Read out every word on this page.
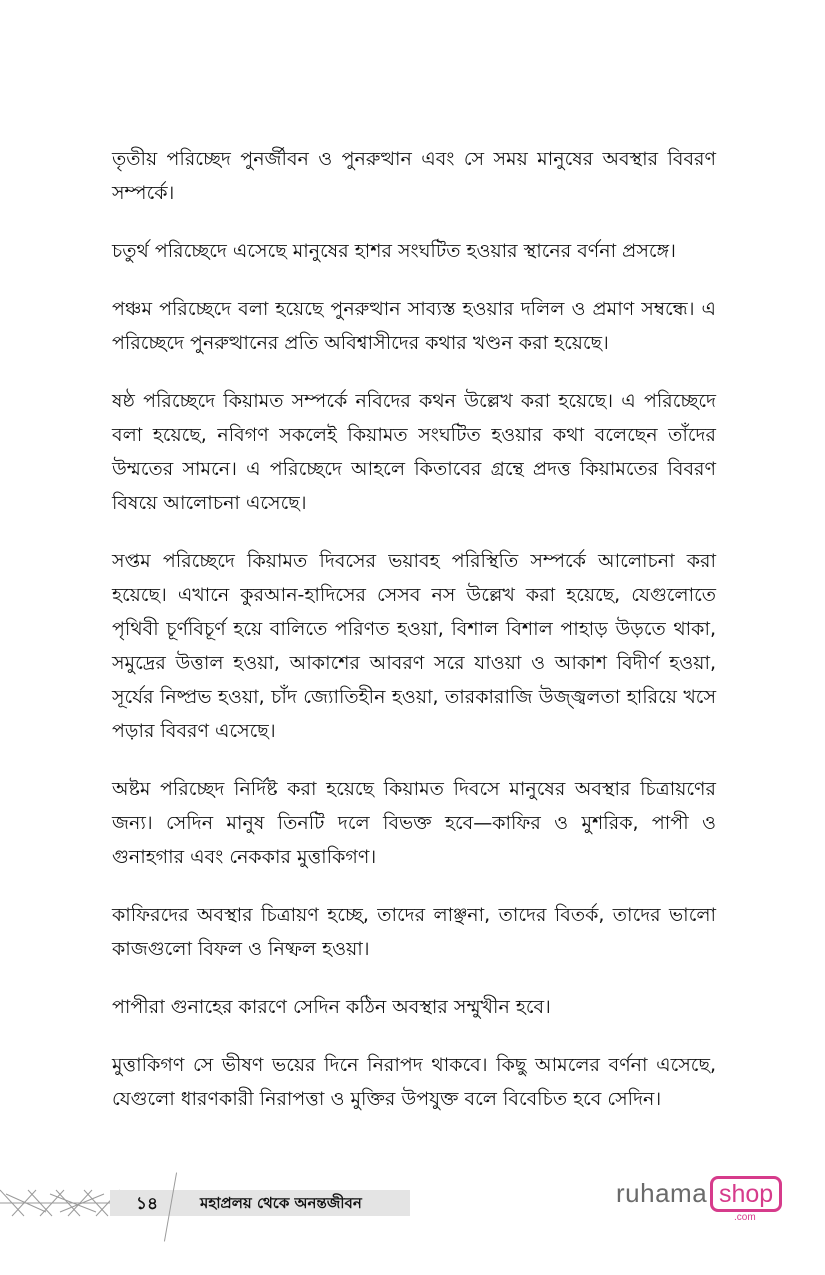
তৃতীয় পরিচ্ছেদ পুনর্জীবন ও পুনরুত্থান এবং সে সময় মানুষের অবস্থার বিবরণ সম্পর্কে।

চতুর্থ পরিচ্ছেদে এসেছে মানুষের হাশর সংঘটিত হওয়ার স্থানের বর্ণনা প্রসঙ্গে।

পঞ্চম পরিচ্ছেদে বলা হয়েছে পুনরুত্থান সাব্যস্ত হওয়ার দলিল ও প্রমাণ সম্বন্ধে। এ পরিচ্ছেদে পুনরুত্থানের প্রতি অবিশ্বাসীদের কথার খণ্ডন করা হয়েছে।

ষষ্ঠ পরিচ্ছেদে কিয়ামত সম্পর্কে নবিদের কথন উল্লেখ করা হয়েছে। এ পরিচ্ছেদে বলা হয়েছে, নবিগণ সকলেই কিয়ামত সংঘটিত হওয়ার কথা বলেছেন তাঁদের উম্মতের সামনে। এ পরিচ্ছেদে আহলে কিতাবের গ্রন্থে প্রদত্ত কিয়ামতের বিবরণ বিষয়ে আলোচনা এসেছে।

সপ্তম পরিচ্ছেদে কিয়ামত দিবসের ভয়াবহ পরিস্থিতি সম্পর্কে আলোচনা করা হয়েছে। এখানে কুরআন-হাদিসের সেসব নস উল্লেখ করা হয়েছে, যেগুলোতে পৃথিবী চূর্ণবিচূর্ণ হয়ে বালিতে পরিণত হওয়া, বিশাল বিশাল পাহাড় উড়তে থাকা, সমুদ্রের উত্তাল হওয়া, আকাশের আবরণ সরে যাওয়া ও আকাশ বিদীর্ণ হওয়া, সূর্যের নিষ্প্রভ হওয়া, চাঁদ জ্যোতিহীন হওয়া, তারকারাজি উজ্জ্বলতা হারিয়ে খসে পড়ার বিবরণ এসেছে।

অষ্টম পরিচ্ছেদ নির্দিষ্ট করা হয়েছে কিয়ামত দিবসে মানুষের অবস্থার চিত্রায়ণের জন্য। সেদিন মানুষ তিনটি দলে বিভক্ত হবে—কাফির ও মুশরিক, পাপী ও গুনাহগার এবং নেককার মুত্তাকিগণ।

কাফিরদের অবস্থার চিত্রায়ণ হচ্ছে, তাদের লাঞ্ছনা, তাদের বিতর্ক, তাদের ভালো কাজগুলো বিফল ও নিষ্ফল হওয়া।

পাপীরা গুনাহের কারণে সেদিন কঠিন অবস্থার সম্মুখীন হবে।

মুত্তাকিগণ সে ভীষণ ভয়ের দিনে নিরাপদ থাকবে। কিছু আমলের বর্ণনা এসেছে, যেগুলো ধারণকারী নিরাপত্তা ও মুক্তির উপযুক্ত বলে বিবেচিত হবে সেদিন।

১৪	মহাপ্রলয় থেকে অনন্তজীবন	ruhama shop
.com
